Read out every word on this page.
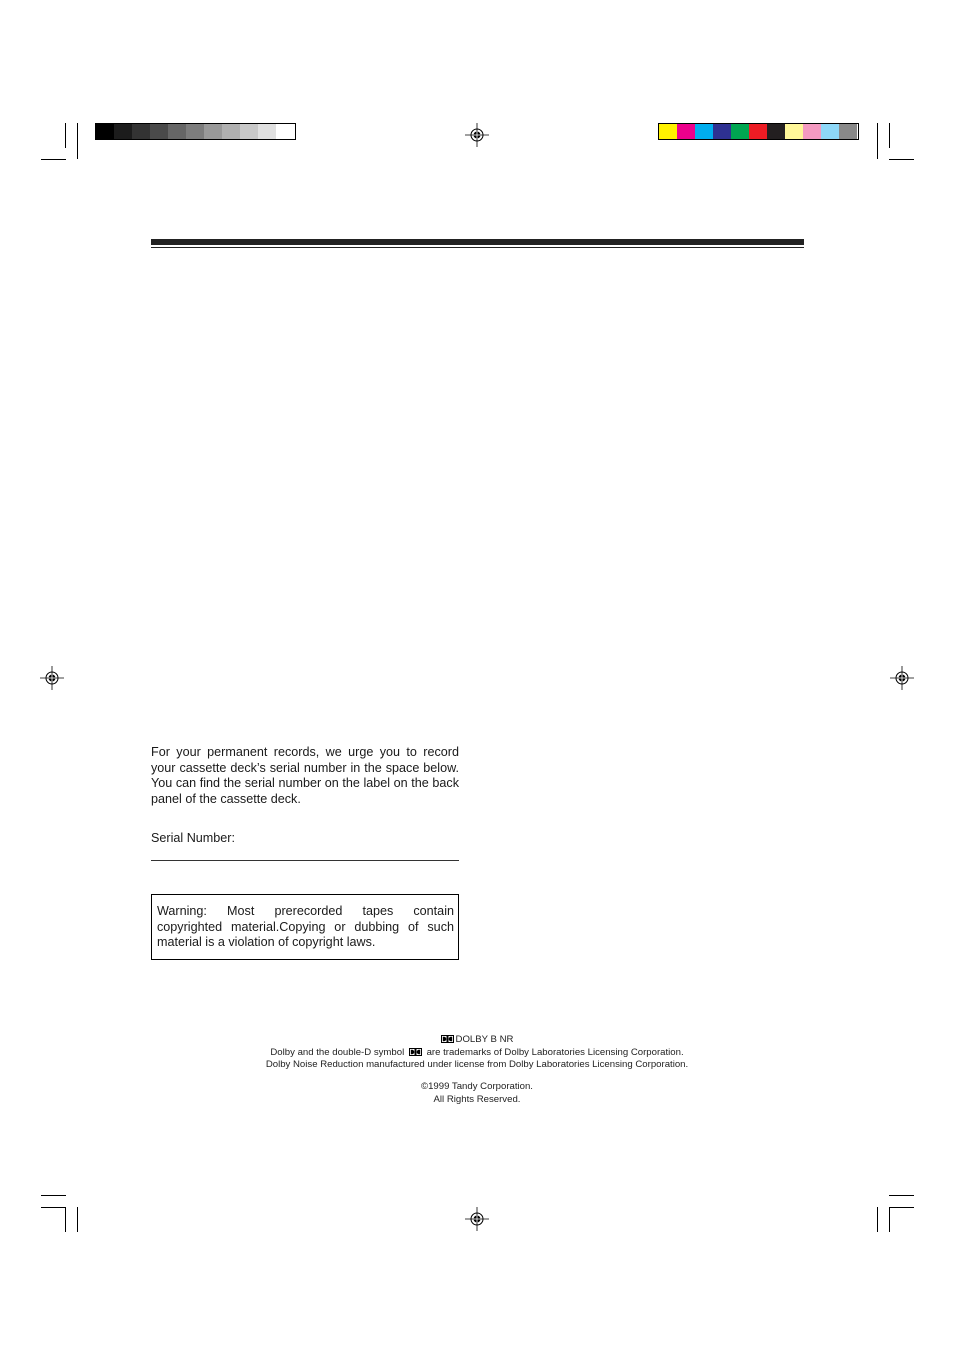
For your permanent records, we urge you to record your cassette deck’s serial number in the space below. You can find the serial number on the label on the back panel of the cassette deck.

Serial Number:
Warning: Most prerecorded tapes contain copyrighted material.Copying or dubbing of such material is a violation of copyright laws.
DOLBY B NR
Dolby and the double-D symbol are trademarks of Dolby Laboratories Licensing Corporation.
Dolby Noise Reduction manufactured under license from Dolby Laboratories Licensing Corporation.
©1999 Tandy Corporation.
All Rights Reserved.
